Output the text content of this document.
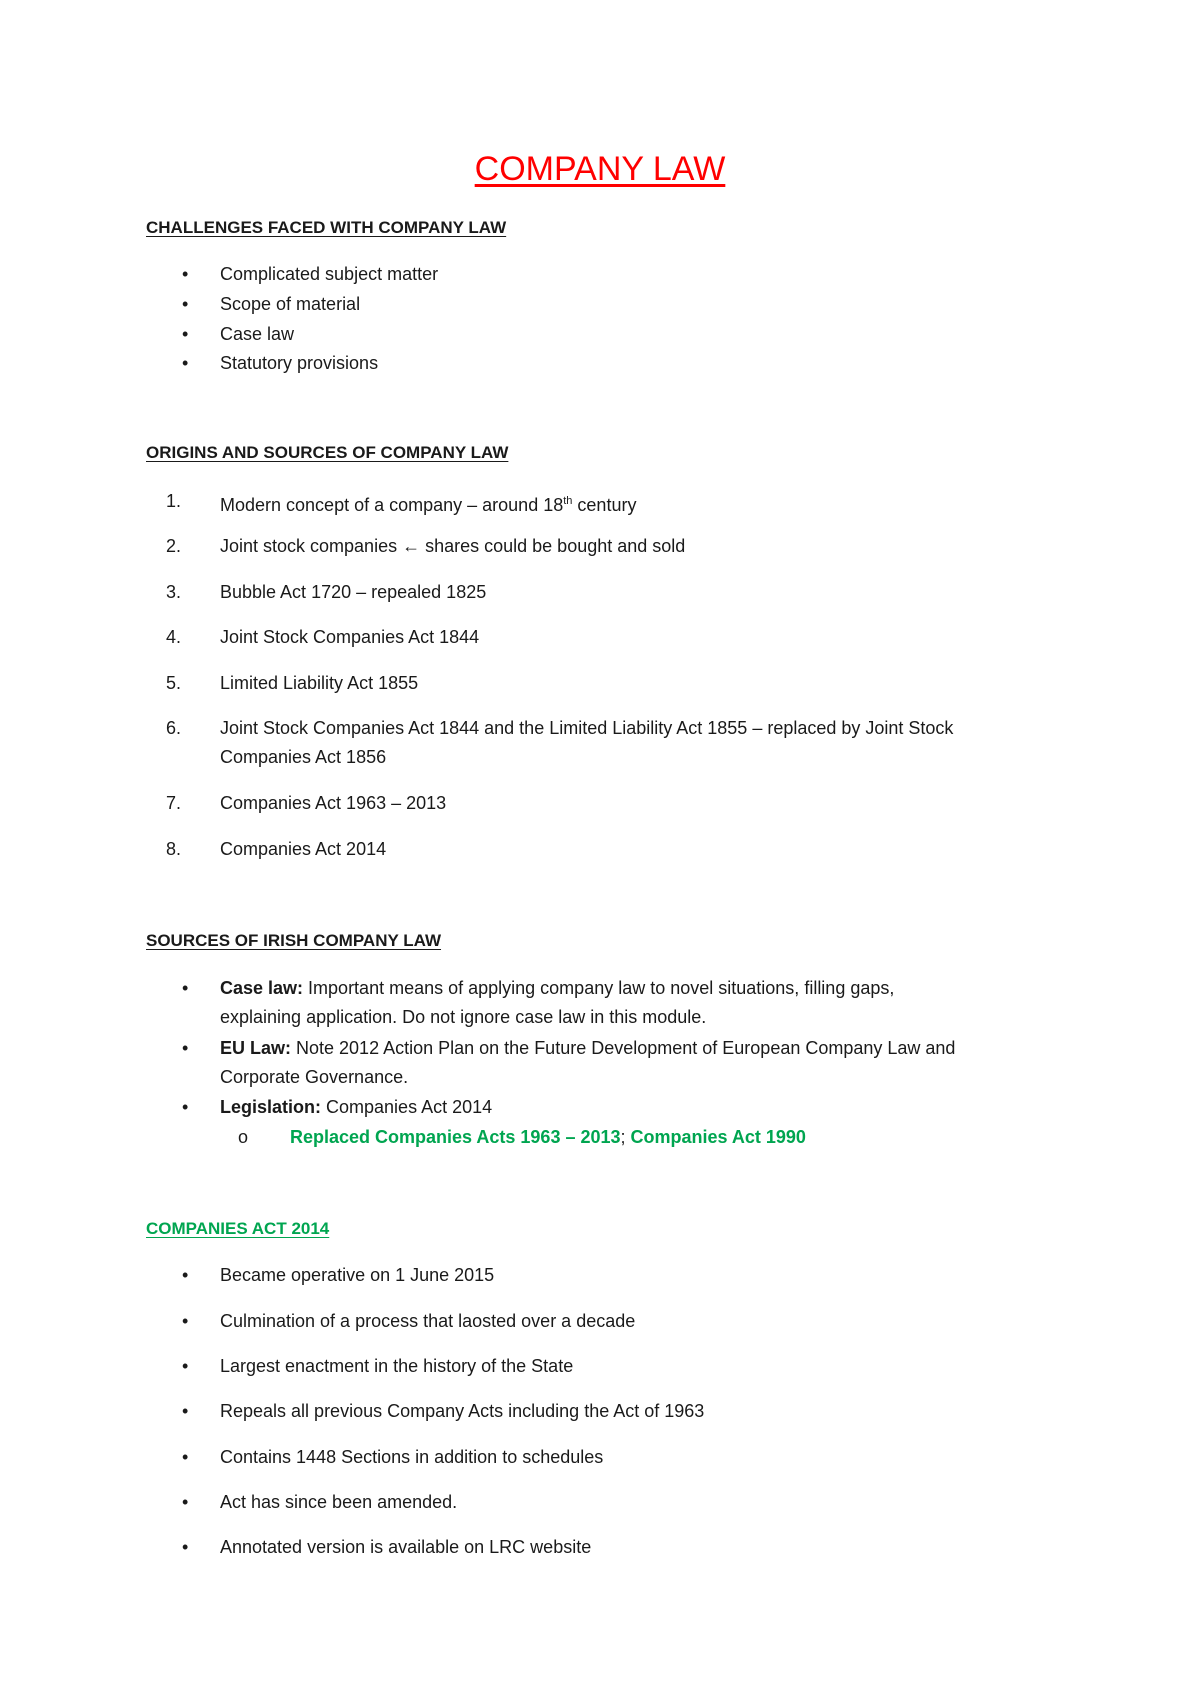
COMPANY LAW
CHALLENGES FACED WITH COMPANY LAW
•	Complicated subject matter
•	Scope of material
•	Case law
•	Statutory provisions
ORIGINS AND SOURCES OF COMPANY LAW
1.	Modern concept of a company – around 18th century
2.	Joint stock companies ← shares could be bought and sold
3.	Bubble Act 1720 – repealed 1825
4.	Joint Stock Companies Act 1844
5.	Limited Liability Act 1855
6.	Joint Stock Companies Act 1844 and the Limited Liability Act 1855 – replaced by Joint Stock
Companies Act 1856
7.	Companies Act 1963 – 2013
8.	Companies Act 2014
SOURCES OF IRISH COMPANY LAW
•	Case law: Important means of applying company law to novel situations, filling gaps,
explaining application. Do not ignore case law in this module.
•	EU Law: Note 2012 Action Plan on the Future Development of European Company Law and
Corporate Governance.
•	Legislation: Companies Act 2014
o Replaced Companies Acts 1963 – 2013; Companies Act 1990
COMPANIES ACT 2014
•	Became operative on 1 June 2015
•	Culmination of a process that laosted over a decade
•	Largest enactment in the history of the State
•	Repeals all previous Company Acts including the Act of 1963
•	Contains 1448 Sections in addition to schedules
•	Act has since been amended.
•	Annotated version is available on LRC website
